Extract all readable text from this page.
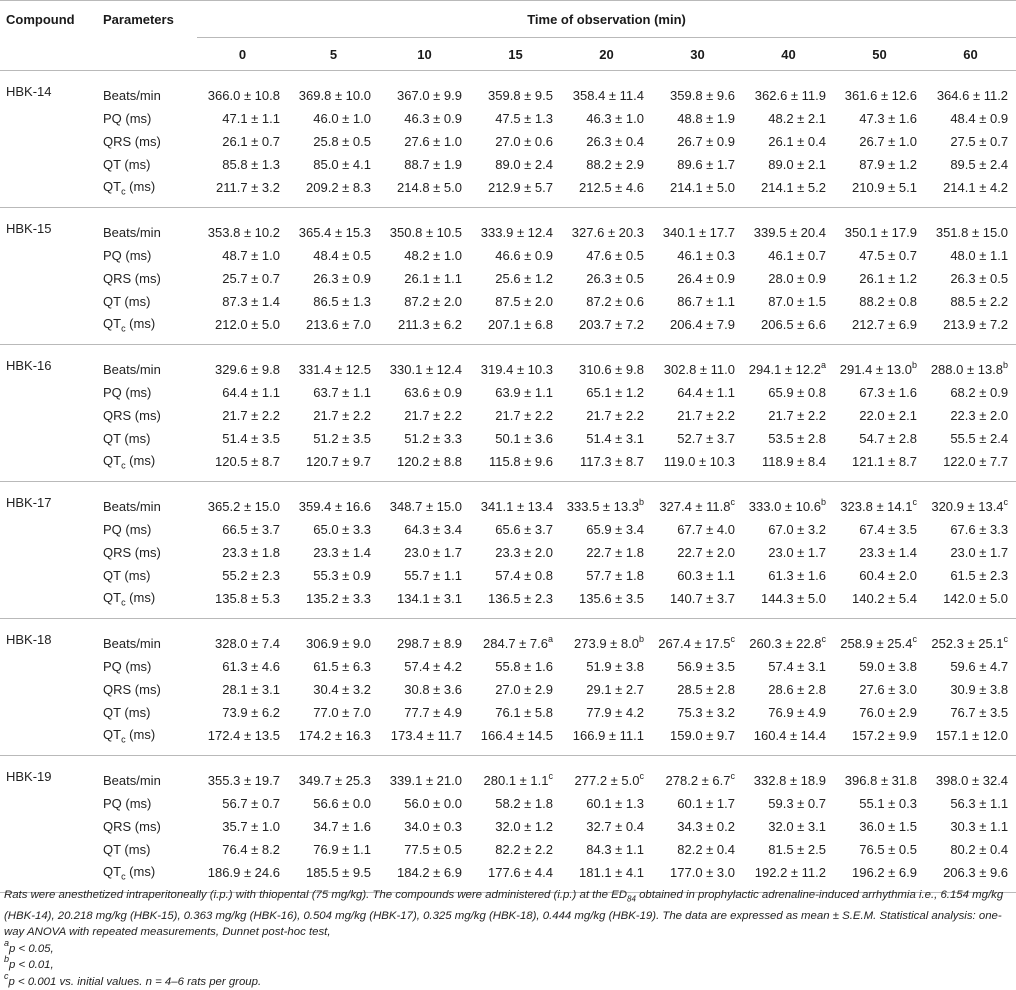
Compound	Parameters	Time of observation (min)								
		0	5	10	15	20	30	40	50	60
HBK-14	Beats/min	366.0 ± 10.8	369.8 ± 10.0	367.0 ± 9.9	359.8 ± 9.5	358.4 ± 11.4	359.8 ± 9.6	362.6 ± 11.9	361.6 ± 12.6	364.6 ± 11.2
	PQ (ms)	47.1 ± 1.1	46.0 ± 1.0	46.3 ± 0.9	47.5 ± 1.3	46.3 ± 1.0	48.8 ± 1.9	48.2 ± 2.1	47.3 ± 1.6	48.4 ± 0.9
	QRS (ms)	26.1 ± 0.7	25.8 ± 0.5	27.6 ± 1.0	27.0 ± 0.6	26.3 ± 0.4	26.7 ± 0.9	26.1 ± 0.4	26.7 ± 1.0	27.5 ± 0.7
	QT (ms)	85.8 ± 1.3	85.0 ± 4.1	88.7 ± 1.9	89.0 ± 2.4	88.2 ± 2.9	89.6 ± 1.7	89.0 ± 2.1	87.9 ± 1.2	89.5 ± 2.4
	$QT_c$ (ms)	211.7 ± 3.2	209.2 ± 8.3	214.8 ± 5.0	212.9 ± 5.7	212.5 ± 4.6	214.1 ± 5.0	214.1 ± 5.2	210.9 ± 5.1	214.1 ± 4.2
HBK-15	Beats/min	353.8 ± 10.2	365.4 ± 15.3	350.8 ± 10.5	333.9 ± 12.4	327.6 ± 20.3	340.1 ± 17.7	339.5 ± 20.4	350.1 ± 17.9	351.8 ± 15.0
	PQ (ms)	48.7 ± 1.0	48.4 ± 0.5	48.2 ± 1.0	46.6 ± 0.9	47.6 ± 0.5	46.1 ± 0.3	46.1 ± 0.7	47.5 ± 0.7	48.0 ± 1.1
	QRS (ms)	25.7 ± 0.7	26.3 ± 0.9	26.1 ± 1.1	25.6 ± 1.2	26.3 ± 0.5	26.4 ± 0.9	28.0 ± 0.9	26.1 ± 1.2	26.3 ± 0.5
	QT (ms)	87.3 ± 1.4	86.5 ± 1.3	87.2 ± 2.0	87.5 ± 2.0	87.2 ± 0.6	86.7 ± 1.1	87.0 ± 1.5	88.2 ± 0.8	88.5 ± 2.2
	$QT_c$ (ms)	212.0 ± 5.0	213.6 ± 7.0	211.3 ± 6.2	207.1 ± 6.8	203.7 ± 7.2	206.4 ± 7.9	206.5 ± 6.6	212.7 ± 6.9	213.9 ± 7.2
HBK-16	Beats/min	329.6 ± 9.8	331.4 ± 12.5	330.1 ± 12.4	319.4 ± 10.3	310.6 ± 9.8	302.8 ± 11.0	294.1 ± 12.2$^a$	291.4 ± 13.0$^b$	288.0 ± 13.8$^b$
	PQ (ms)	64.4 ± 1.1	63.7 ± 1.1	63.6 ± 0.9	63.9 ± 1.1	65.1 ± 1.2	64.4 ± 1.1	65.9 ± 0.8	67.3 ± 1.6	68.2 ± 0.9
	QRS (ms)	21.7 ± 2.2	21.7 ± 2.2	21.7 ± 2.2	21.7 ± 2.2	21.7 ± 2.2	21.7 ± 2.2	21.7 ± 2.2	22.0 ± 2.1	22.3 ± 2.0
	QT (ms)	51.4 ± 3.5	51.2 ± 3.5	51.2 ± 3.3	50.1 ± 3.6	51.4 ± 3.1	52.7 ± 3.7	53.5 ± 2.8	54.7 ± 2.8	55.5 ± 2.4
	$QT_c$ (ms)	120.5 ± 8.7	120.7 ± 9.7	120.2 ± 8.8	115.8 ± 9.6	117.3 ± 8.7	119.0 ± 10.3	118.9 ± 8.4	121.1 ± 8.7	122.0 ± 7.7
HBK-17	Beats/min	365.2 ± 15.0	359.4 ± 16.6	348.7 ± 15.0	341.1 ± 13.4	333.5 ± 13.3$^b$	327.4 ± 11.8$^c$	333.0 ± 10.6$^b$	323.8 ± 14.1$^c$	320.9 ± 13.4$^c$
	PQ (ms)	66.5 ± 3.7	65.0 ± 3.3	64.3 ± 3.4	65.6 ± 3.7	65.9 ± 3.4	67.7 ± 4.0	67.0 ± 3.2	67.4 ± 3.5	67.6 ± 3.3
	QRS (ms)	23.3 ± 1.8	23.3 ± 1.4	23.0 ± 1.7	23.3 ± 2.0	22.7 ± 1.8	22.7 ± 2.0	23.0 ± 1.7	23.3 ± 1.4	23.0 ± 1.7
	QT (ms)	55.2 ± 2.3	55.3 ± 0.9	55.7 ± 1.1	57.4 ± 0.8	57.7 ± 1.8	60.3 ± 1.1	61.3 ± 1.6	60.4 ± 2.0	61.5 ± 2.3
	$QT_c$ (ms)	135.8 ± 5.3	135.2 ± 3.3	134.1 ± 3.1	136.5 ± 2.3	135.6 ± 3.5	140.7 ± 3.7	144.3 ± 5.0	140.2 ± 5.4	142.0 ± 5.0
HBK-18	Beats/min	328.0 ± 7.4	306.9 ± 9.0	298.7 ± 8.9	284.7 ± 7.6$^a$	273.9 ± 8.0$^b$	267.4 ± 17.5$^c$	260.3 ± 22.8$^c$	258.9 ± 25.4$^c$	252.3 ± 25.1$^c$
	PQ (ms)	61.3 ± 4.6	61.5 ± 6.3	57.4 ± 4.2	55.8 ± 1.6	51.9 ± 3.8	56.9 ± 3.5	57.4 ± 3.1	59.0 ± 3.8	59.6 ± 4.7
	QRS (ms)	28.1 ± 3.1	30.4 ± 3.2	30.8 ± 3.6	27.0 ± 2.9	29.1 ± 2.7	28.5 ± 2.8	28.6 ± 2.8	27.6 ± 3.0	30.9 ± 3.8
	QT (ms)	73.9 ± 6.2	77.0 ± 7.0	77.7 ± 4.9	76.1 ± 5.8	77.9 ± 4.2	75.3 ± 3.2	76.9 ± 4.9	76.0 ± 2.9	76.7 ± 3.5
	$QT_c$ (ms)	172.4 ± 13.5	174.2 ± 16.3	173.4 ± 11.7	166.4 ± 14.5	166.9 ± 11.1	159.0 ± 9.7	160.4 ± 14.4	157.2 ± 9.9	157.1 ± 12.0
HBK-19	Beats/min	355.3 ± 19.7	349.7 ± 25.3	339.1 ± 21.0	280.1 ± 1.1$^c$	277.2 ± 5.0$^c$	278.2 ± 6.7$^c$	332.8 ± 18.9	396.8 ± 31.8	398.0 ± 32.4
	PQ (ms)	56.7 ± 0.7	56.6 ± 0.0	56.0 ± 0.0	58.2 ± 1.8	60.1 ± 1.3	60.1 ± 1.7	59.3 ± 0.7	55.1 ± 0.3	56.3 ± 1.1
	QRS (ms)	35.7 ± 1.0	34.7 ± 1.6	34.0 ± 0.3	32.0 ± 1.2	32.7 ± 0.4	34.3 ± 0.2	32.0 ± 3.1	36.0 ± 1.5	30.3 ± 1.1
	QT (ms)	76.4 ± 8.2	76.9 ± 1.1	77.5 ± 0.5	82.2 ± 2.2	84.3 ± 1.1	82.2 ± 0.4	81.5 ± 2.5	76.5 ± 0.5	80.2 ± 0.4
	$QT_c$ (ms)	186.9 ± 24.6	185.5 ± 9.5	184.2 ± 6.9	177.6 ± 4.4	181.1 ± 4.1	177.0 ± 3.0	192.2 ± 11.2	196.2 ± 6.9	206.3 ± 9.6

Rats were anesthetized intraperitoneally (i.p.) with thiopental (75 mg/kg). The compounds were administered (i.p.) at the $ED_{84}$ obtained in prophylactic adrenaline-induced arrhythmia i.e., 6.154 mg/kg (HBK-14), 20.218 mg/kg (HBK-15), 0.363 mg/kg (HBK-16), 0.504 mg/kg (HBK-17), 0.325 mg/kg (HBK-18), 0.444 mg/kg (HBK-19). The data are expressed as mean ± S.E.M. Statistical analysis: one-way ANOVA with repeated measurements, Dunnet post-hoc test,

$^a$p < 0.05,

$^b$p < 0.01,

$^c$p < 0.001 vs. initial values. n = 4–6 rats per group.
